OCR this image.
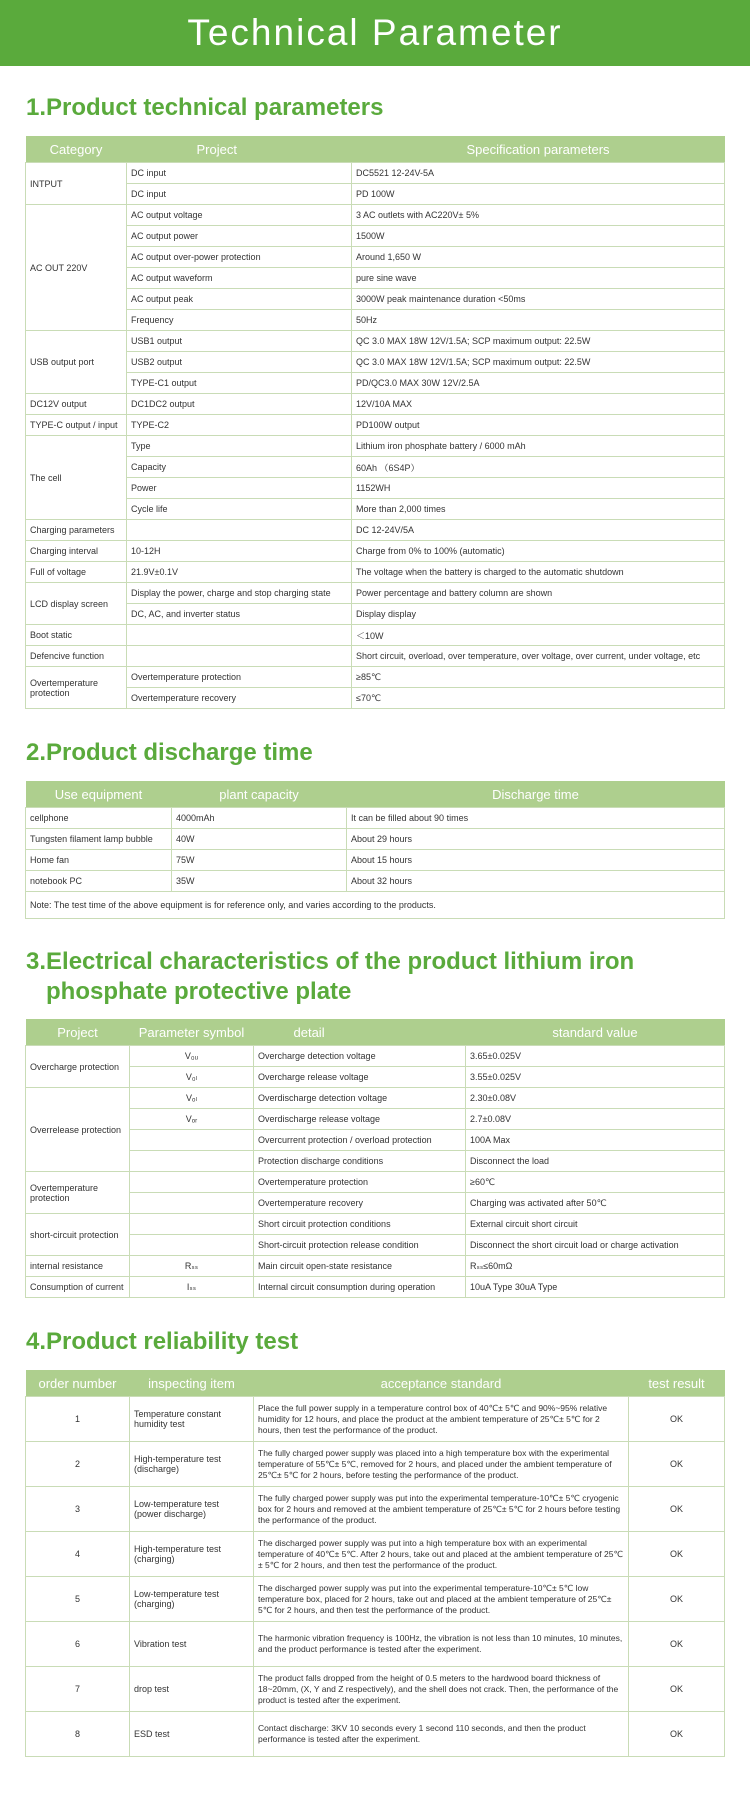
Technical Parameter
1.Product technical parameters
Category	Project	Specification parameters
INTPUT	DC input	DC5521 12-24V-5A
	DC input	PD 100W
AC OUT 220V	AC output voltage	3 AC outlets with AC220V± 5%
	AC output power	1500W
	AC output over-power protection	Around 1,650 W
	AC output waveform	pure sine wave
	AC output peak	3000W peak maintenance duration <50ms
	Frequency	50Hz
USB output port	USB1 output	QC 3.0 MAX 18W 12V/1.5A; SCP maximum output: 22.5W
	USB2 output	QC 3.0 MAX 18W 12V/1.5A; SCP maximum output: 22.5W
	TYPE-C1 output	PD/QC3.0 MAX 30W 12V/2.5A
DC12V output	DC1DC2 output	12V/10A MAX
TYPE-C output / input	TYPE-C2	PD100W output
The cell	Type	Lithium iron phosphate battery / 6000 mAh
	Capacity	60Ah （6S4P）
	Power	1152WH
	Cycle life	More than 2,000 times
Charging parameters		DC 12-24V/5A
Charging interval	10-12H	Charge from 0% to 100% (automatic)
Full of voltage	21.9V±0.1V	The voltage when the battery is charged to the automatic shutdown
LCD display screen	Display the power, charge and stop charging state	Power percentage and battery column are shown
	DC, AC, and inverter status	Display display
Boot static		＜10W
Defencive function		Short circuit, overload, over temperature, over voltage, over current, under voltage, etc
Overtemperature protection	Overtemperature protection	≥85℃
	Overtemperature recovery	≤70℃
2.Product discharge time
Use equipment	plant capacity	Discharge time
cellphone	4000mAh	It can be filled about 90 times
Tungsten filament lamp bubble	40W	About 29 hours
Home fan	75W	About 15 hours
notebook PC	35W	About 32 hours
Note: The test time of the above equipment is for reference only, and varies according to the products.		
3.Electrical characteristics of the product lithium iron
phosphate protective plate
Project	Parameter symbol	detail	standard value
Overcharge protection	V₀ᵤ	Overcharge detection voltage	3.65±0.025V
	V₀ₗ	Overcharge release voltage	3.55±0.025V
Overrelease protection	Vₒₗ	Overdischarge detection voltage	2.30±0.08V
	Vₒᵣ	Overdischarge release voltage	2.7±0.08V
		Overcurrent protection / overload protection	100A Max
		Protection discharge conditions	Disconnect the load
Overtemperature protection		Overtemperature protection	≥60℃
		Overtemperature recovery	Charging was activated after 50℃
short-circuit protection		Short circuit protection conditions	External circuit short circuit
		Short-circuit protection release condition	Disconnect the short circuit load or charge activation
internal resistance	Rₛₛ	Main circuit open-state resistance	Rₛₛ≤60mΩ
Consumption of current	Iₛₛ	Internal circuit consumption during operation	10uA Type 30uA Type
4.Product reliability test
order number	inspecting item	acceptance standard	test result
1	Temperature constant humidity test	Place the full power supply in a temperature control box of 40℃± 5℃ and 90%~95% relative humidity for 12 hours, and place the product at the ambient temperature of 25℃± 5℃ for 2 hours, then test the performance of the product.	OK
2	High-temperature test (discharge)	The fully charged power supply was placed into a high temperature box with the experimental temperature of 55℃± 5℃, removed for 2 hours, and placed under the ambient temperature of 25℃± 5℃ for 2 hours, before testing the performance of the product.	OK
3	Low-temperature test (power discharge)	The fully charged power supply was put into the experimental temperature-10℃± 5℃ cryogenic box for 2 hours and removed at the ambient temperature of 25℃± 5℃ for 2 hours before testing the performance of the product.	OK
4	High-temperature test (charging)	The discharged power supply was put into a high temperature box with an experimental temperature of 40℃± 5℃. After 2 hours, take out and placed at the ambient temperature of 25℃± 5℃ for 2 hours, and then test the performance of the product.	OK
5	Low-temperature test (charging)	The discharged power supply was put into the experimental temperature-10℃± 5℃ low temperature box, placed for 2 hours, take out and placed at the ambient temperature of 25℃± 5℃ for 2 hours, and then test the performance of the product.	OK
6	Vibration test	The harmonic vibration frequency is 100Hz, the vibration is not less than 10 minutes, 10 minutes, and the product performance is tested after the experiment.	OK
7	drop test	The product falls dropped from the height of 0.5 meters to the hardwood board thickness of 18~20mm, (X, Y and Z respectively), and the shell does not crack. Then, the performance of the product is tested after the experiment.	OK
8	ESD test	Contact discharge: 3KV 10 seconds every 1 second 110 seconds, and then the product performance is tested after the experiment.	OK
